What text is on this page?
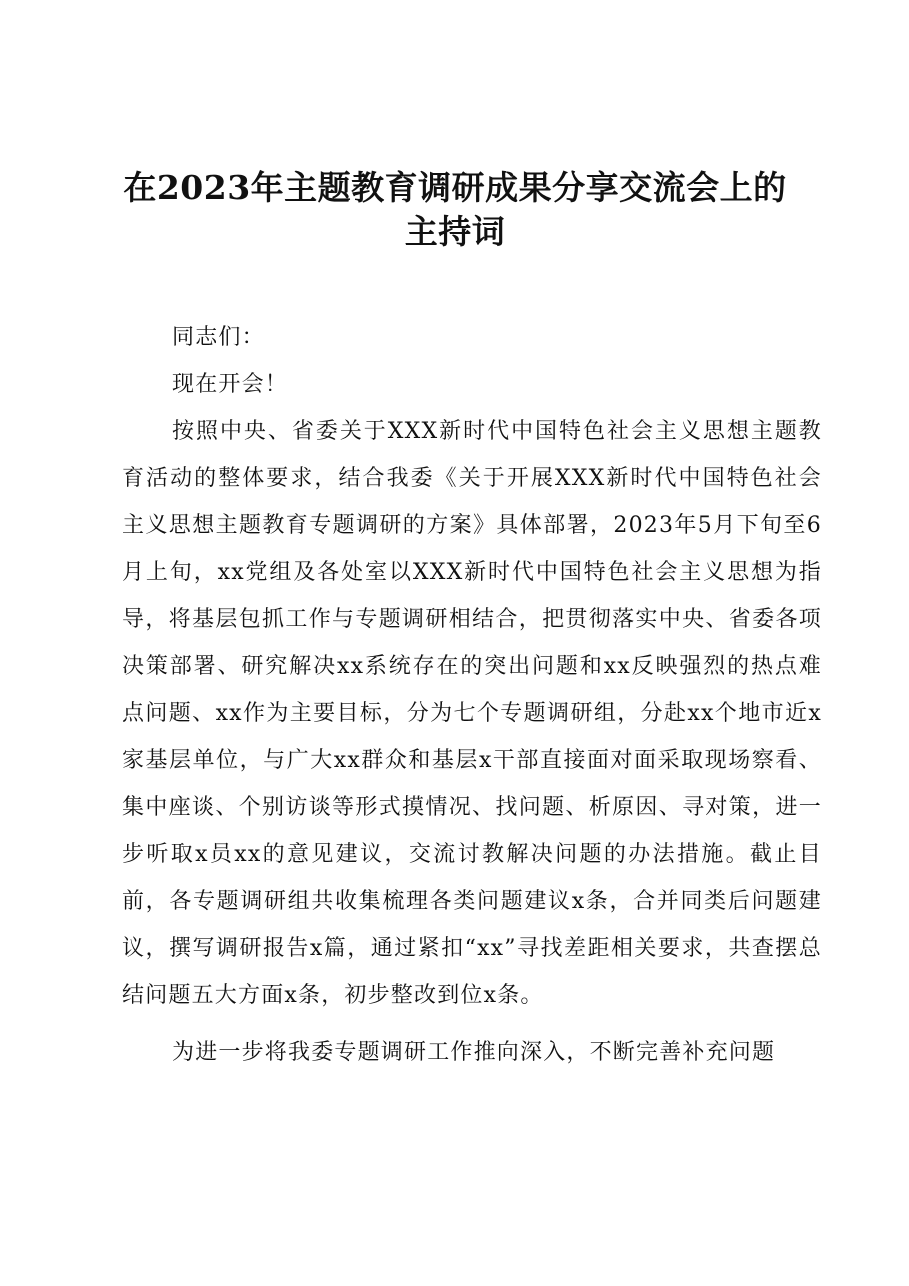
在2023年主题教育调研成果分享交流会上的主持词

同志们：

现在开会！

按照中央、省委关于XXX新时代中国特色社会主义思想主题教育活动的整体要求，结合我委《关于开展XXX新时代中国特色社会主义思想主题教育专题调研的方案》具体部署，2023年5月下旬至6月上旬，xx党组及各处室以XXX新时代中国特色社会主义思想为指导，将基层包抓工作与专题调研相结合，把贯彻落实中央、省委各项决策部署、研究解决xx系统存在的突出问题和xx反映强烈的热点难点问题、xx作为主要目标，分为七个专题调研组，分赴xx个地市近x家基层单位，与广大xx群众和基层x干部直接面对面采取现场察看、集中座谈、个别访谈等形式摸情况、找问题、析原因、寻对策，进一步听取x员xx的意见建议，交流讨教解决问题的办法措施。截止目前，各专题调研组共收集梳理各类问题建议x条，合并同类后问题建议，撰写调研报告x篇，通过紧扣“xx”寻找差距相关要求，共查摆总结问题五大方面x条，初步整改到位x条。

为进一步将我委专题调研工作推向深入，不断完善补充问题
